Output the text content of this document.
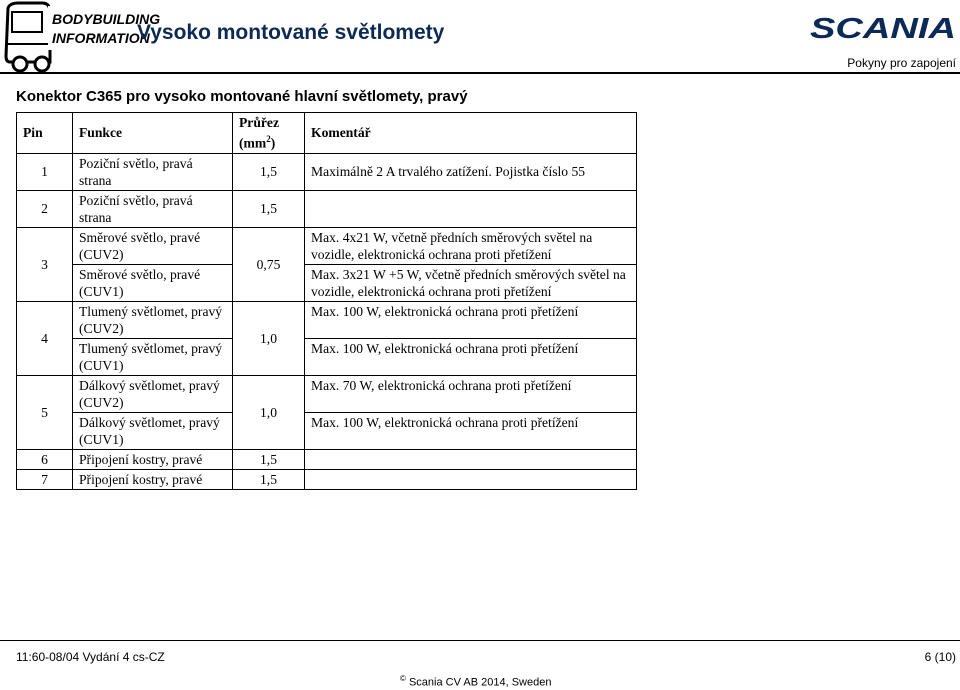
BODYBUILDING
INFORMATION
Vysoko montované světlomety	SCANIA
Pokyny pro zapojení
Konektor C365 pro vysoko montované hlavní světlomety, pravý
Pin	Funkce	Průřez $(mm^2)$	Komentář
1	Poziční světlo, pravá strana	1,5	Maximálně 2 A trvalého zatížení. Pojistka číslo 55
2	Poziční světlo, pravá strana	1,5	
3	Směrové světlo, pravé (CUV2)	0,75	Max. 4x21 W, včetně předních směrových světel na vozidle, elektronická ochrana proti přetížení
	Směrové světlo, pravé (CUV1)		Max. 3x21 W +5 W, včetně předních směrových světel na vozidle, elektronická ochrana proti přetížení
4	Tlumený světlomet, pravý (CUV2)	1,0	Max. 100 W, elektronická ochrana proti přetížení
	Tlumený světlomet, pravý (CUV1)		Max. 100 W, elektronická ochrana proti přetížení
5	Dálkový světlomet, pravý (CUV2)	1,0	Max. 70 W, elektronická ochrana proti přetížení
	Dálkový světlomet, pravý (CUV1)		Max. 100 W, elektronická ochrana proti přetížení
6	Připojení kostry, pravé	1,5	
7	Připojení kostry, pravé	1,5	
11:60-08/04 Vydání 4 cs-CZ	6 (10)
© Scania CV AB 2014, Sweden
